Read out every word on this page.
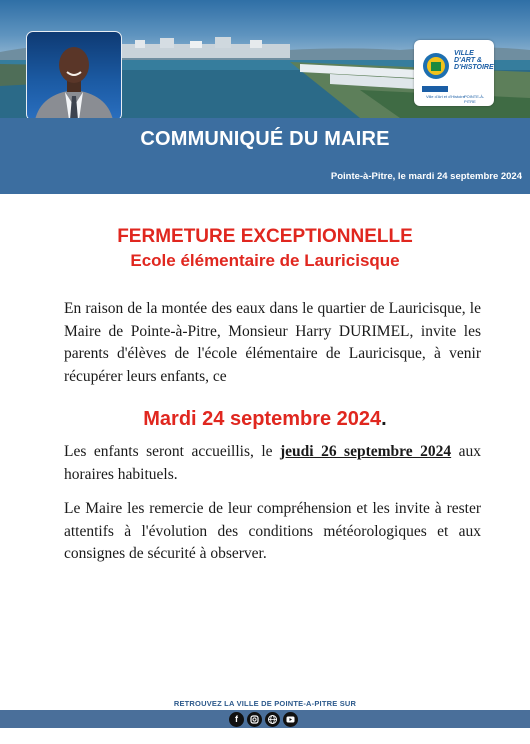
VILLE D'ART & D'HISTOIRE
Ville d'Art et d'Histoire POINTE-À-PITRE
COMMUNIQUÉ DU MAIRE
Pointe-à-Pitre, le mardi 24 septembre 2024
FERMETURE EXCEPTIONNELLE
Ecole élémentaire de Lauricisque

En raison de la montée des eaux dans le quartier de Lauricisque, le Maire de Pointe-à-Pitre, Monsieur Harry DURIMEL, invite les parents d'élèves de l'école élémentaire de Lauricisque, à venir récupérer leurs enfants, ce

Mardi 24 septembre 2024.

Les enfants seront accueillis, le jeudi 26 septembre 2024 aux horaires habituels.

Le Maire les remercie de leur compréhension et les invite à rester attentifs à l'évolution des conditions météorologiques et aux consignes de sécurité à observer.

RETROUVEZ LA VILLE DE POINTE-A-PITRE SUR
f
